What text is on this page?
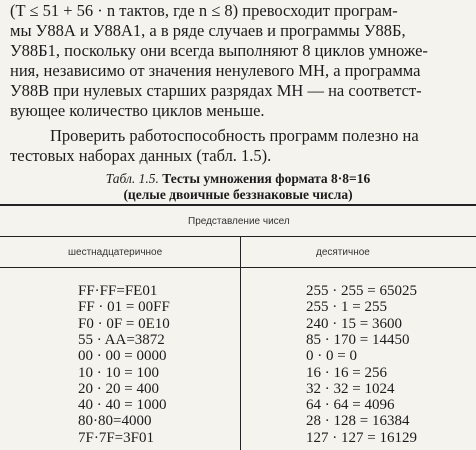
(T ≤ 51 + 56 · n тактов, где n ≤ 8) превосходит програм-
мы У88А и У88А1, а в ряде случаев и программы У88Б,
У88Б1, поскольку они всегда выполняют 8 циклов умноже-
ния, независимо от значения ненулевого МН, а программа
У88В при нулевых старших разрядах МН — на соответст-
вующее количество циклов меньше.
Проверить работоспособность программ полезно на
тестовых наборах данных (табл. 1.5).
Табл. 1.5. Тесты умножения формата 8·8=16
(целые двоичные беззнаковые числа)
Представление чисел
шестнадцатеричное	десятичное
FF·FF=FE01	255 · 255 = 65025
FF · 01 = 00FF	255 · 1 = 255
F0 · 0F = 0E10	240 · 15 = 3600
55 · AA=3872	85 · 170 = 14450
00 · 00 = 0000	0 · 0 = 0
10 · 10 = 100	16 · 16 = 256
20 · 20 = 400	32 · 32 = 1024
40 · 40 = 1000	64 · 64 = 4096
80·80=4000	28 · 128 = 16384
7F·7F=3F01	127 · 127 = 16129
